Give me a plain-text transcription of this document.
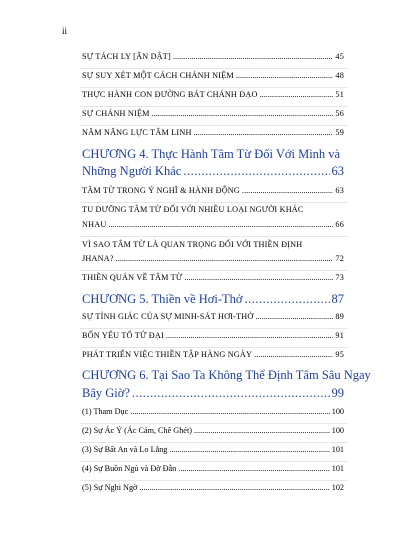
ii
SỰ TÁCH LY [ẨN DẬT] .....	45
SỰ SUY XÉT MỘT CÁCH CHÁNH NIỆM .....	48
THỰC HÀNH CON ĐƯỜNG BÁT CHÁNH ĐẠO .....	51
SỰ CHÁNH NIỆM .....	56
NĂM NĂNG LỰC TÂM LINH .....	59
CHƯƠNG 4. Thực Hành Tâm Từ Đối Với Mình và
Những Người Khác .....	63
TÂM TỪ TRONG Ý NGHĨ & HÀNH ĐỘNG .....	63
TU DƯỠNG TÂM TỪ ĐỐI VỚI NHIỀU LOẠI NGƯỜI KHÁC
NHAU .....	66
VÌ SAO TÂM TỪ LÀ QUAN TRỌNG ĐỐI VỚI THIỀN ĐỊNH
JHANA? .....	72
THIỀN QUÁN VỀ TÂM TỪ .....	73
CHƯƠNG 5. Thiền về Hơi-Thở .....	87
SỰ TỈNH GIÁC CỦA SỰ MINH-SÁT HƠI-THỞ .....	89
BỐN YẾU TỐ TỨ ĐẠI .....	91
PHÁT TRIỂN VIỆC THIỀN TẬP HÀNG NGÀY .....	95
CHƯƠNG 6. Tại Sao Ta Không Thể Định Tâm Sâu Ngay
Bây Giờ? .....	99
(1) Tham Dục .....	100
(2) Sự Ác Ý (Ác Cảm, Chê Ghét) .....	100
(3) Sự Bất An và Lo Lắng .....	101
(4) Sự Buồn Ngủ và Đờ Đẫn .....	101
(5) Sự Nghi Ngờ .....	102
